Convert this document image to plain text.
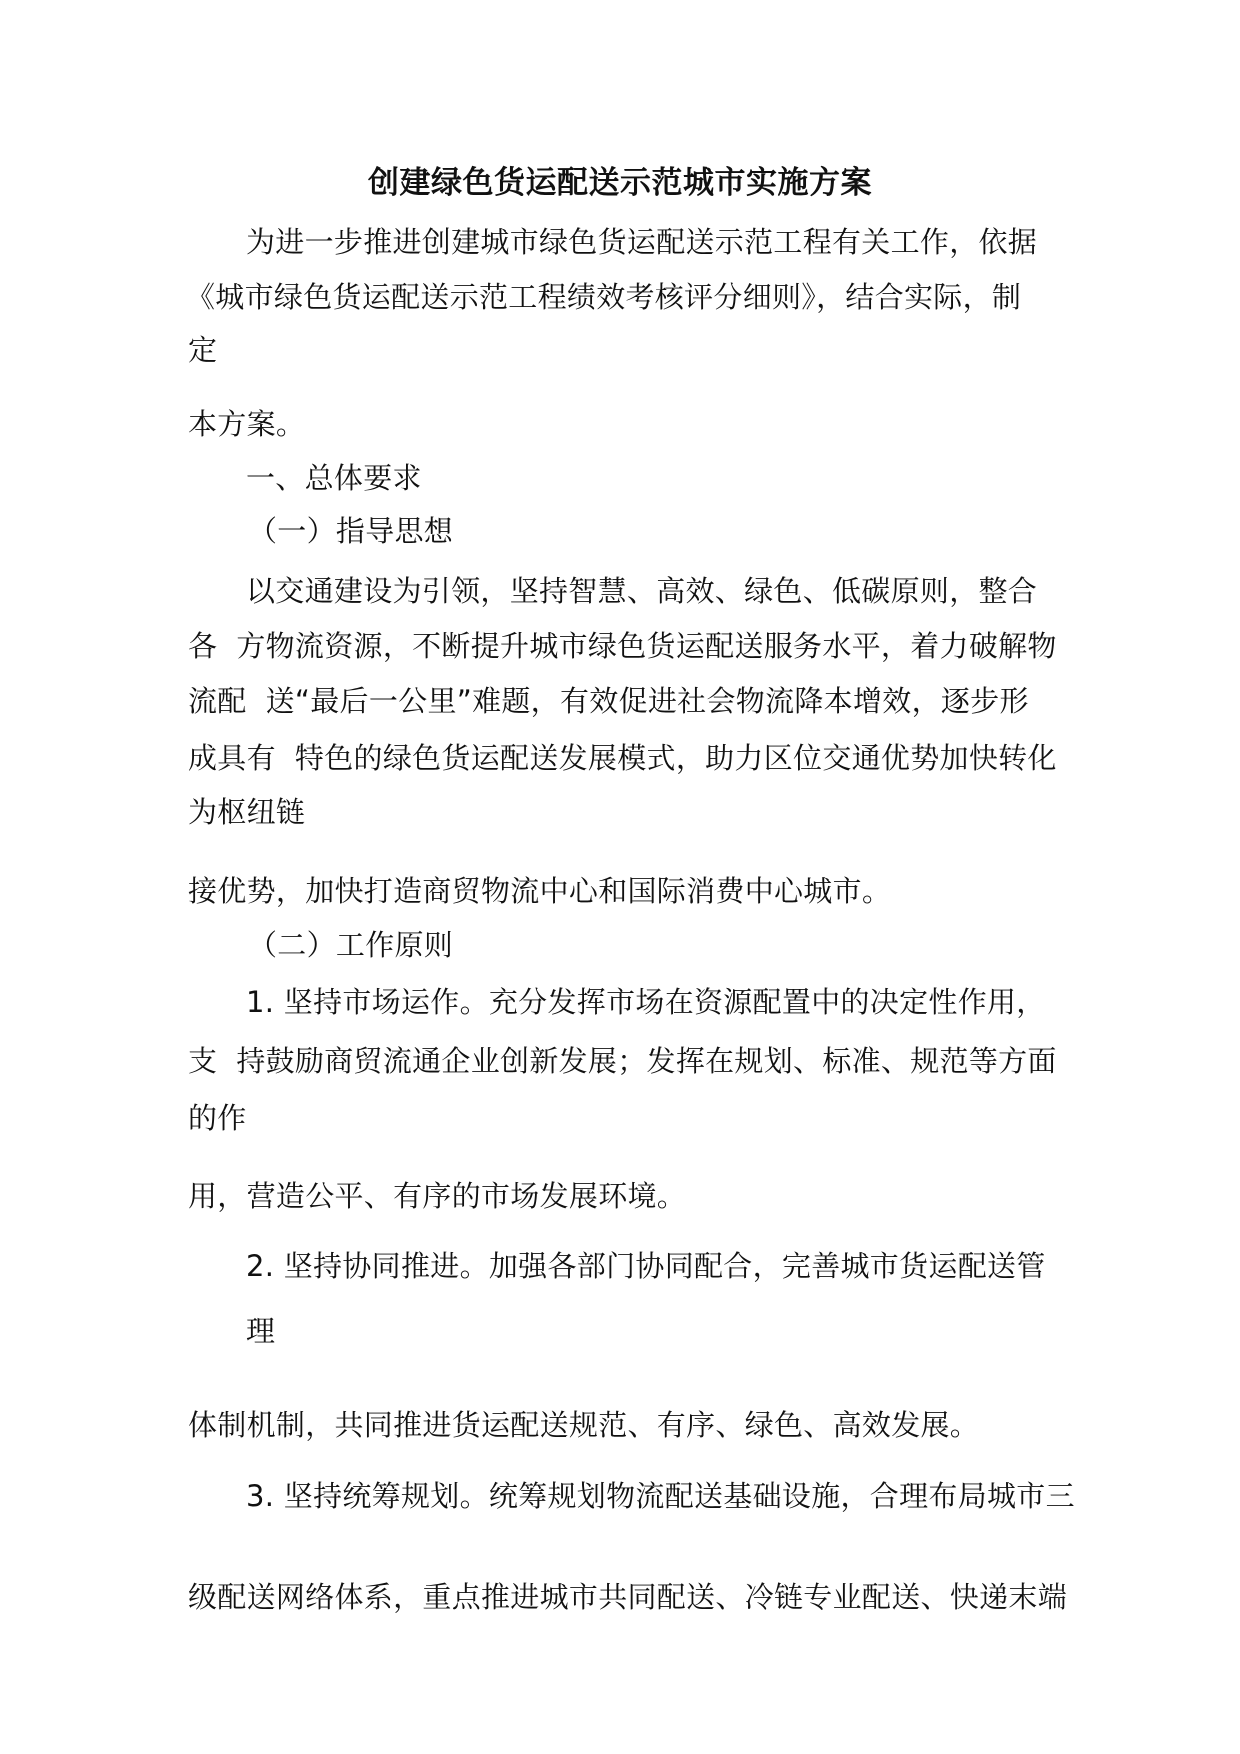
创建绿色货运配送示范城市实施方案
为进一步推进创建城市绿色货运配送示范工程有关工作，依据
《城市绿色货运配送示范工程绩效考核评分细则》，结合实际，制
定
本方案。
一、总体要求
（一）指导思想
以交通建设为引领，坚持智慧、高效、绿色、低碳原则，整合
各  方物流资源，不断提升城市绿色货运配送服务水平，着力破解物
流配  送“最后一公里”难题，有效促进社会物流降本增效，逐步形
成具有  特色的绿色货运配送发展模式，助力区位交通优势加快转化
为枢纽链
接优势，加快打造商贸物流中心和国际消费中心城市。
（二）工作原则
1. 坚持市场运作。充分发挥市场在资源配置中的决定性作用，
支  持鼓励商贸流通企业创新发展；发挥在规划、标准、规范等方面
的作
用，营造公平、有序的市场发展环境。
2. 坚持协同推进。加强各部门协同配合，完善城市货运配送管
理
体制机制，共同推进货运配送规范、有序、绿色、高效发展。
3. 坚持统筹规划。统筹规划物流配送基础设施，合理布局城市三
级配送网络体系，重点推进城市共同配送、冷链专业配送、快递末端
